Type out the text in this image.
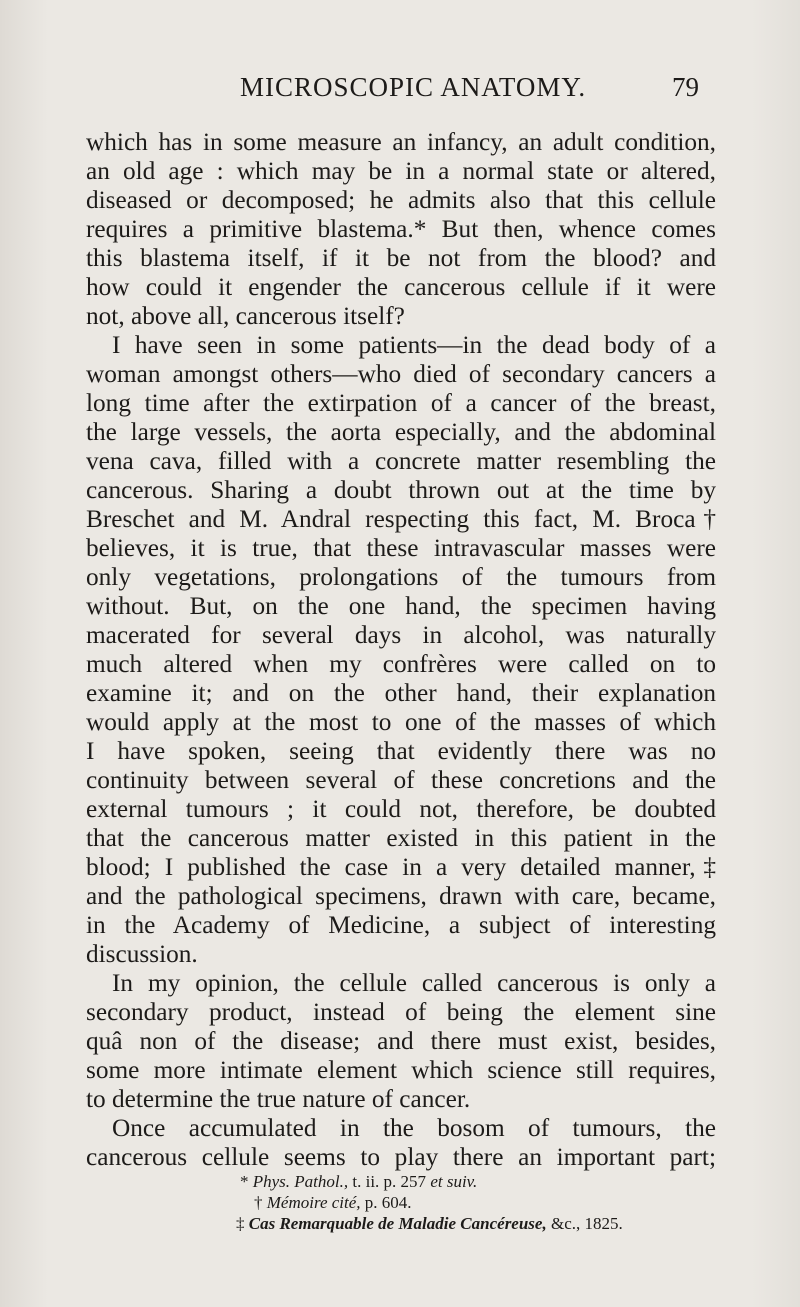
MICROSCOPIC ANATOMY.	79
which has in some measure an infancy, an adult condition,
an old age : which may be in a normal state or altered,
diseased or decomposed; he admits also that this cellule
requires a primitive blastema.* But then, whence comes
this blastema itself, if it be not from the blood? and
how could it engender the cancerous cellule if it were
not, above all, cancerous itself?
I have seen in some patients—in the dead body of a
woman amongst others—who died of secondary cancers a
long time after the extirpation of a cancer of the breast,
the large vessels, the aorta especially, and the abdominal
vena cava, filled with a concrete matter resembling the
cancerous. Sharing a doubt thrown out at the time by
Breschet and M. Andral respecting this fact, M. Broca†
believes, it is true, that these intravascular masses were
only vegetations, prolongations of the tumours from
without. But, on the one hand, the specimen having
macerated for several days in alcohol, was naturally
much altered when my confrères were called on to
examine it; and on the other hand, their explanation
would apply at the most to one of the masses of which
I have spoken, seeing that evidently there was no
continuity between several of these concretions and the
external tumours ; it could not, therefore, be doubted
that the cancerous matter existed in this patient in the
blood; I published the case in a very detailed manner,‡
and the pathological specimens, drawn with care, became,
in the Academy of Medicine, a subject of interesting
discussion.
In my opinion, the cellule called cancerous is only a
secondary product, instead of being the element sine
quâ non of the disease; and there must exist, besides,
some more intimate element which science still requires,
to determine the true nature of cancer.
Once accumulated in the bosom of tumours, the
cancerous cellule seems to play there an important part;
* Phys. Pathol., t. ii. p. 257 et suiv.
† Mémoire cité, p. 604.
‡ Cas Remarquable de Maladie Cancéreuse, &c., 1825.
